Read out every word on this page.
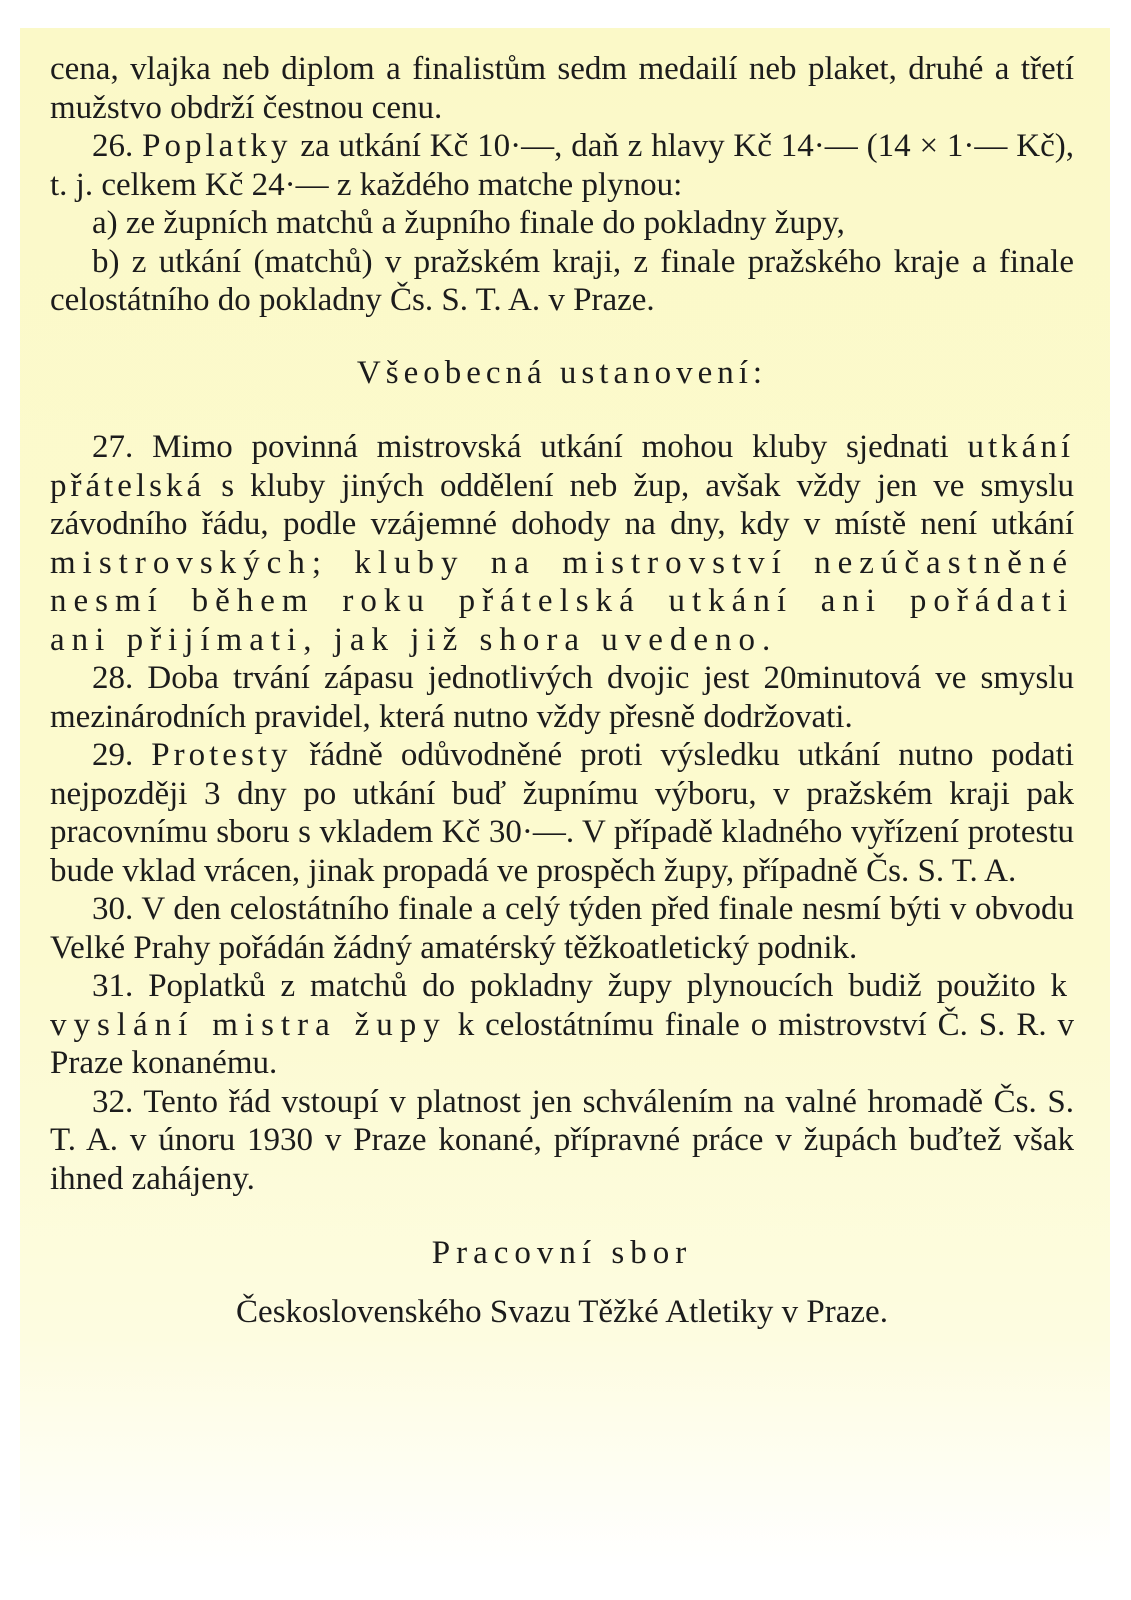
cena, vlajka neb diplom a finalistům sedm medailí neb plaket, druhé a třetí mužstvo obdrží čestnou cenu.

26. Poplatky za utkání Kč 10·—, daň z hlavy Kč 14·— (14 × 1·— Kč), t. j. celkem Kč 24·— z každého matche plynou:

a) ze župních matchů a župního finale do pokladny župy,

b) z utkání (matchů) v pražském kraji, z finale pražského kraje a finale celostátního do pokladny Čs. S. T. A. v Praze.

Všeobecná ustanovení:

27. Mimo povinná mistrovská utkání mohou kluby sjednati utkání přátelská s kluby jiných oddělení neb žup, avšak vždy jen ve smyslu závodního řádu, podle vzájemné dohody na dny, kdy v místě není utkání mistrovských; kluby na mistrovství nezúčastněné nesmí během roku přátelská utkání ani pořádati ani přijímati, jak již shora uvedeno.

28. Doba trvání zápasu jednotlivých dvojic jest 20minutová ve smyslu mezinárodních pravidel, která nutno vždy přesně dodržovati.

29. Protesty řádně odůvodněné proti výsledku utkání nutno podati nejpozději 3 dny po utkání buď župnímu výboru, v pražském kraji pak pracovnímu sboru s vkladem Kč 30·—. V případě kladného vyřízení protestu bude vklad vrácen, jinak propadá ve prospěch župy, případně Čs. S. T. A.

30. V den celostátního finale a celý týden před finale nesmí býti v obvodu Velké Prahy pořádán žádný amatérský těžkoatletický podnik.

31. Poplatků z matchů do pokladny župy plynoucích budiž použito k vyslání mistra župy k celostátnímu finale o mistrovství Č. S. R. v Praze konanému.

32. Tento řád vstoupí v platnost jen schválením na valné hromadě Čs. S. T. A. v únoru 1930 v Praze konané, přípravné práce v župách buďtež však ihned zahájeny.

Pracovní sbor
Československého Svazu Těžké Atletiky v Praze.
